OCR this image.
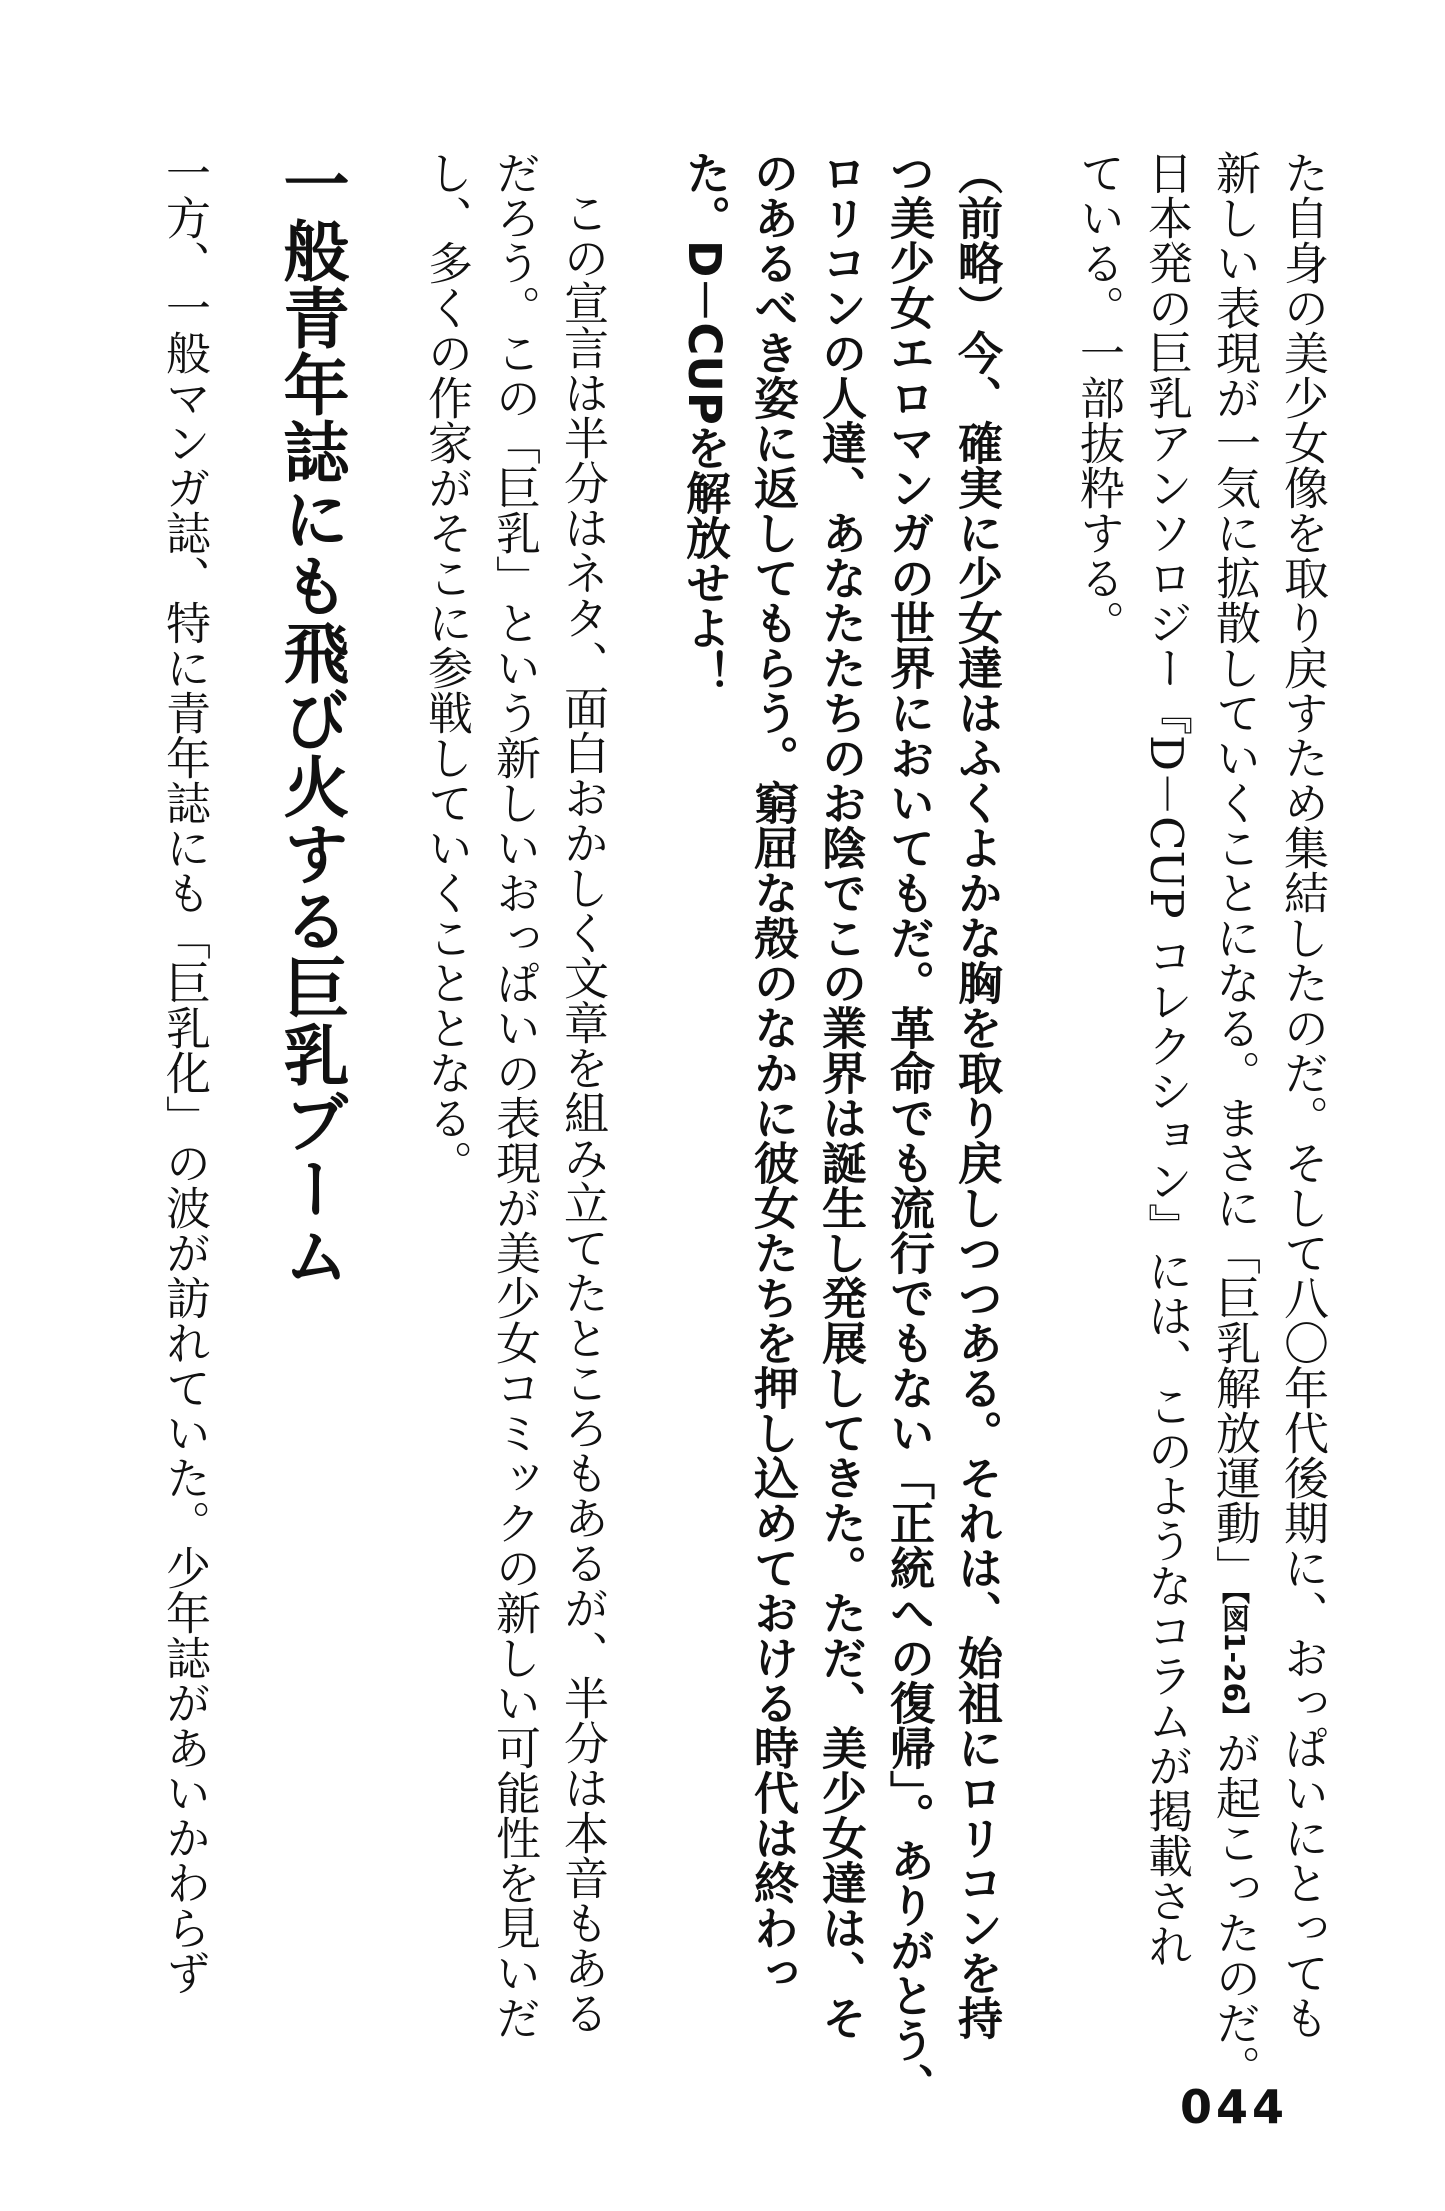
た自身の美少女像を取り戻すため集結したのだ。そして八〇年代後期に、おっぱいにとっても
新しい表現が一気に拡散していくことになる。まさに「巨乳解放運動」【図1-26】が起こったのだ。
日本発の巨乳アンソロジー『D－CUP コレクション』には、このようなコラムが掲載され
ている。一部抜粋する。
（前略）今、確実に少女達はふくよかな胸を取り戻しつつある。それは、始祖にロリコンを持
つ美少女エロマンガの世界においてもだ。革命でも流行でもない「正統への復帰」。ありがとう、
ロリコンの人達、あなたたちのお陰でこの業界は誕生し発展してきた。ただ、美少女達は、そ
のあるべき姿に返してもらう。窮屈な殻のなかに彼女たちを押し込めておける時代は終わっ
た。D－CUPを解放せよ！
この宣言は半分はネタ、面白おかしく文章を組み立てたところもあるが、半分は本音もある
だろう。この「巨乳」という新しいおっぱいの表現が美少女コミックの新しい可能性を見いだ
し、多くの作家がそこに参戦していくこととなる。
一般青年誌にも飛び火する巨乳ブーム
一方、一般マンガ誌、特に青年誌にも「巨乳化」の波が訪れていた。少年誌があいかわらず
044
